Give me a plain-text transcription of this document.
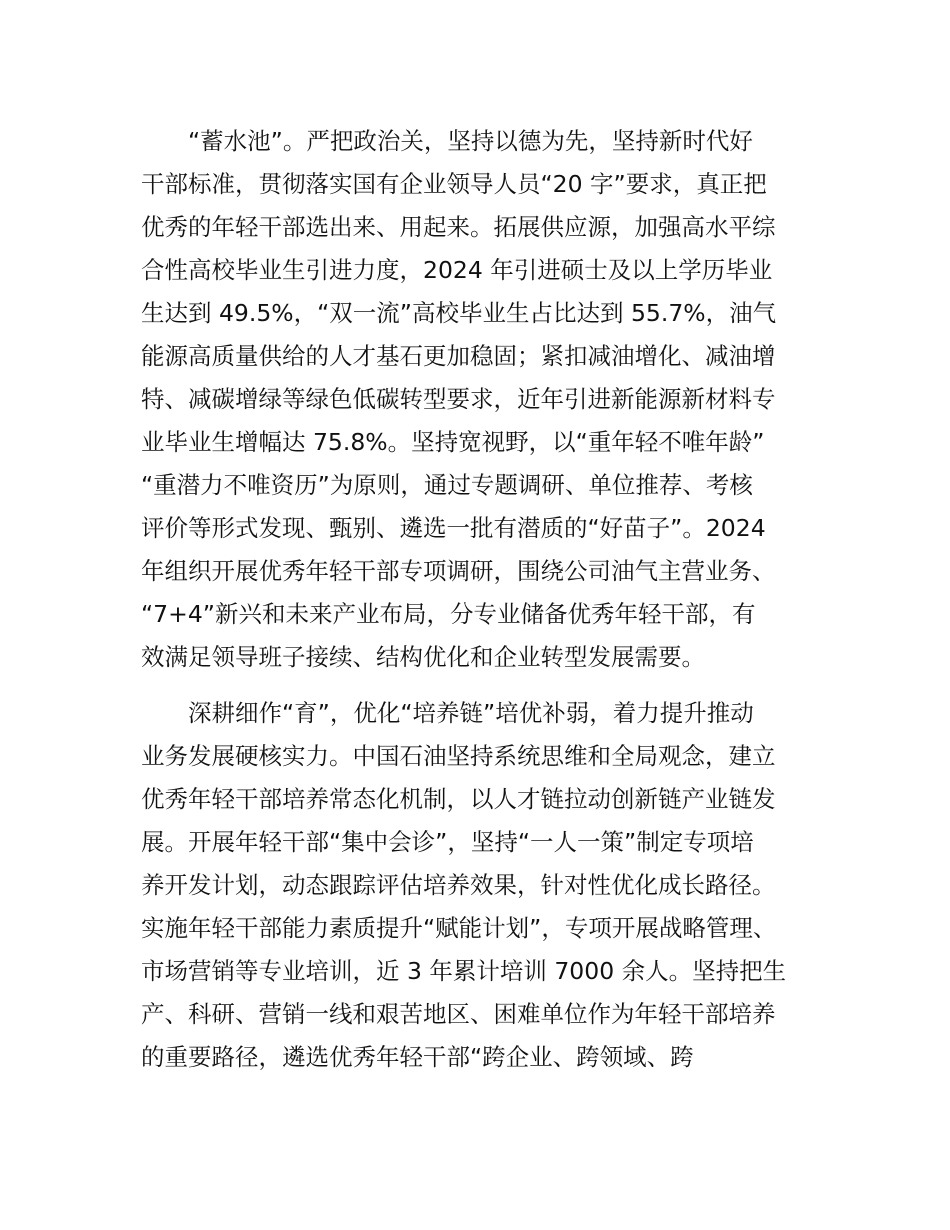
“蓄水池”。严把政治关，坚持以德为先，坚持新时代好
干部标准，贯彻落实国有企业领导人员“20 字”要求，真正把
优秀的年轻干部选出来、用起来。拓展供应源，加强高水平综
合性高校毕业生引进力度，2024 年引进硕士及以上学历毕业
生达到 49.5%，“双一流”高校毕业生占比达到 55.7%，油气
能源高质量供给的人才基石更加稳固；紧扣减油增化、减油增
特、减碳增绿等绿色低碳转型要求，近年引进新能源新材料专
业毕业生增幅达 75.8%。坚持宽视野，以“重年轻不唯年龄”
“重潜力不唯资历”为原则，通过专题调研、单位推荐、考核
评价等形式发现、甄别、遴选一批有潜质的“好苗子”。2024
年组织开展优秀年轻干部专项调研，围绕公司油气主营业务、
“7+4”新兴和未来产业布局，分专业储备优秀年轻干部，有
效满足领导班子接续、结构优化和企业转型发展需要。
深耕细作“育”，优化“培养链”培优补弱，着力提升推动
业务发展硬核实力。中国石油坚持系统思维和全局观念，建立
优秀年轻干部培养常态化机制，以人才链拉动创新链产业链发
展。开展年轻干部“集中会诊”，坚持“一人一策”制定专项培
养开发计划，动态跟踪评估培养效果，针对性优化成长路径。
实施年轻干部能力素质提升“赋能计划”，专项开展战略管理、
市场营销等专业培训，近 3 年累计培训 7000 余人。坚持把生
产、科研、营销一线和艰苦地区、困难单位作为年轻干部培养
的重要路径，遴选优秀年轻干部“跨企业、跨领域、跨
